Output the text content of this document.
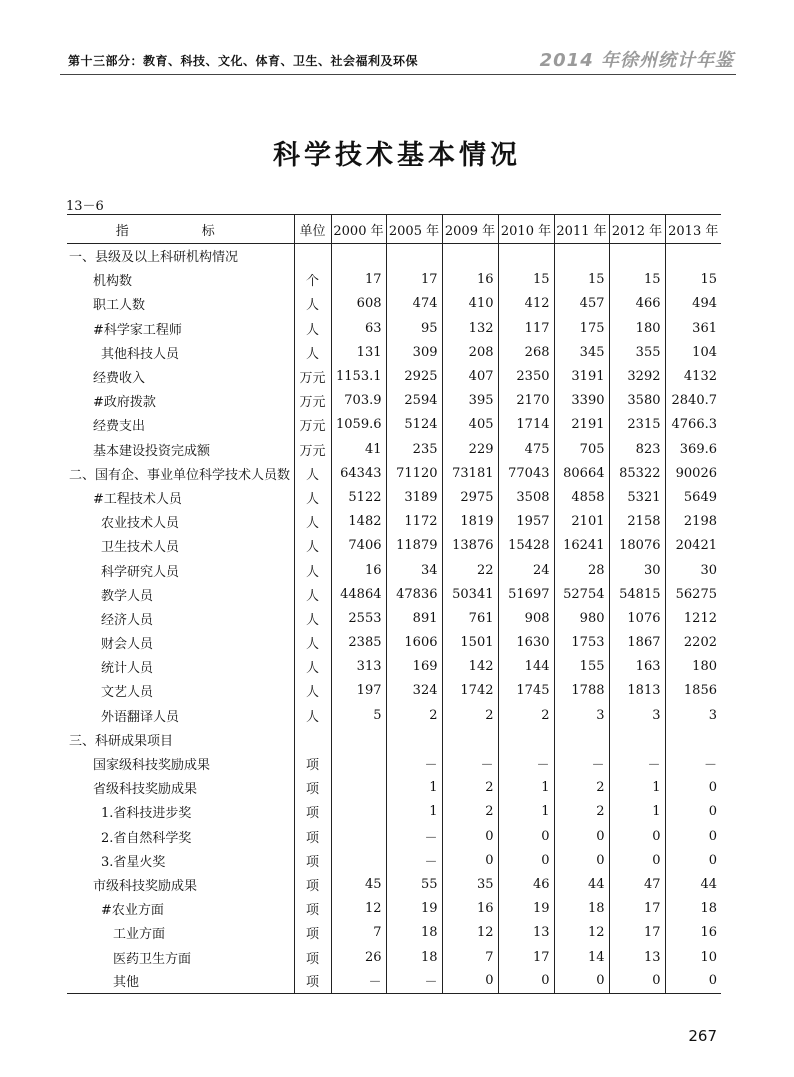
第十三部分：教育、科技、文化、体育、卫生、社会福利及环保	2014 年徐州统计年鉴
科学技术基本情况
13－6
指　标	单位	2000 年	2005 年	2009 年	2010 年	2011 年	2012 年	2013 年
一、县级及以上科研机构情况								
机构数	个	17	17	16	15	15	15	15
职工人数	人	608	474	410	412	457	466	494
#科学家工程师	人	63	95	132	117	175	180	361
其他科技人员	人	131	309	208	268	345	355	104
经费收入	万元	1153.1	2925	407	2350	3191	3292	4132
#政府拨款	万元	703.9	2594	395	2170	3390	3580	2840.7
经费支出	万元	1059.6	5124	405	1714	2191	2315	4766.3
基本建设投资完成额	万元	41	235	229	475	705	823	369.6
二、国有企、事业单位科学技术人员数	人	64343	71120	73181	77043	80664	85322	90026
#工程技术人员	人	5122	3189	2975	3508	4858	5321	5649
农业技术人员	人	1482	1172	1819	1957	2101	2158	2198
卫生技术人员	人	7406	11879	13876	15428	16241	18076	20421
科学研究人员	人	16	34	22	24	28	30	30
教学人员	人	44864	47836	50341	51697	52754	54815	56275
经济人员	人	2553	891	761	908	980	1076	1212
财会人员	人	2385	1606	1501	1630	1753	1867	2202
统计人员	人	313	169	142	144	155	163	180
文艺人员	人	197	324	1742	1745	1788	1813	1856
外语翻译人员	人	5	2	2	2	3	3	3
三、科研成果项目								
国家级科技奖励成果	项		－	－	－	－	－	－
省级科技奖励成果	项		1	2	1	2	1	0
1.省科技进步奖	项		1	2	1	2	1	0
2.省自然科学奖	项		－	0	0	0	0	0
3.省星火奖	项		－	0	0	0	0	0
市级科技奖励成果	项	45	55	35	46	44	47	44
#农业方面	项	12	19	16	19	18	17	18
工业方面	项	7	18	12	13	12	17	16
医药卫生方面	项	26	18	7	17	14	13	10
其他	项	－	－	0	0	0	0	0
267
